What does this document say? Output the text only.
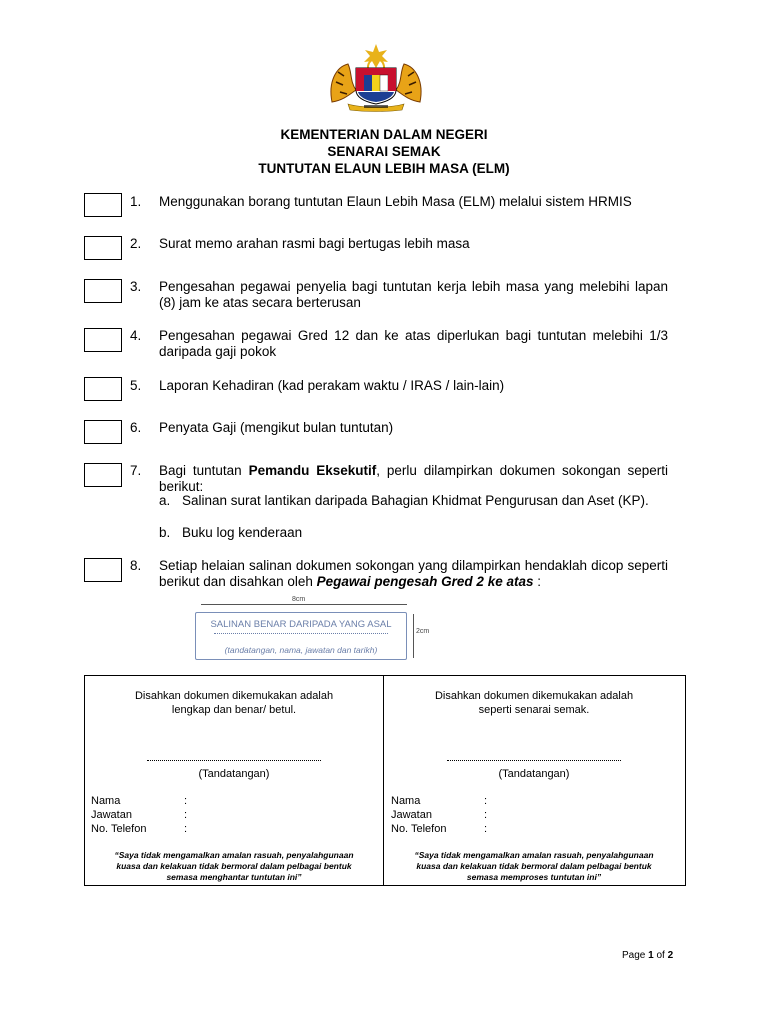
KEMENTERIAN DALAM NEGERI
SENARAI SEMAK
TUNTUTAN ELAUN LEBIH MASA (ELM)
1. Menggunakan borang tuntutan Elaun Lebih Masa (ELM) melalui sistem HRMIS
2. Surat memo arahan rasmi bagi bertugas lebih masa
3. Pengesahan pegawai penyelia bagi tuntutan kerja lebih masa yang melebihi lapan (8) jam ke atas secara berterusan
4. Pengesahan pegawai Gred 12 dan ke atas diperlukan bagi tuntutan melebihi 1/3 daripada gaji pokok
5. Laporan Kehadiran (kad perakam waktu / IRAS / lain-lain)
6. Penyata Gaji (mengikut bulan tuntutan)
7. Bagi tuntutan Pemandu Eksekutif, perlu dilampirkan dokumen sokongan seperti berikut:
a. Salinan surat lantikan daripada Bahagian Khidmat Pengurusan dan Aset (KP).
b. Buku log kenderaan
8. Setiap helaian salinan dokumen sokongan yang dilampirkan hendaklah dicop seperti berikut dan disahkan oleh Pegawai pengesah Gred 2 ke atas :
8cm
2cm
SALINAN BENAR DARIPADA YANG ASAL
(tandatangan, nama, jawatan dan tarikh)
Disahkan dokumen dikemukakan adalah
lengkap dan benar/ betul.
(Tandatangan)
Nama	:
Jawatan	:
No. Telefon	:
“Saya tidak mengamalkan amalan rasuah, penyalahgunaan
kuasa dan kelakuan tidak bermoral dalam pelbagai bentuk
semasa menghantar tuntutan ini”
Disahkan dokumen dikemukakan adalah
seperti senarai semak.
(Tandatangan)
Nama	:
Jawatan	:
No. Telefon	:
“Saya tidak mengamalkan amalan rasuah, penyalahgunaan
kuasa dan kelakuan tidak bermoral dalam pelbagai bentuk
semasa memproses tuntutan ini”
Page 1 of 2
